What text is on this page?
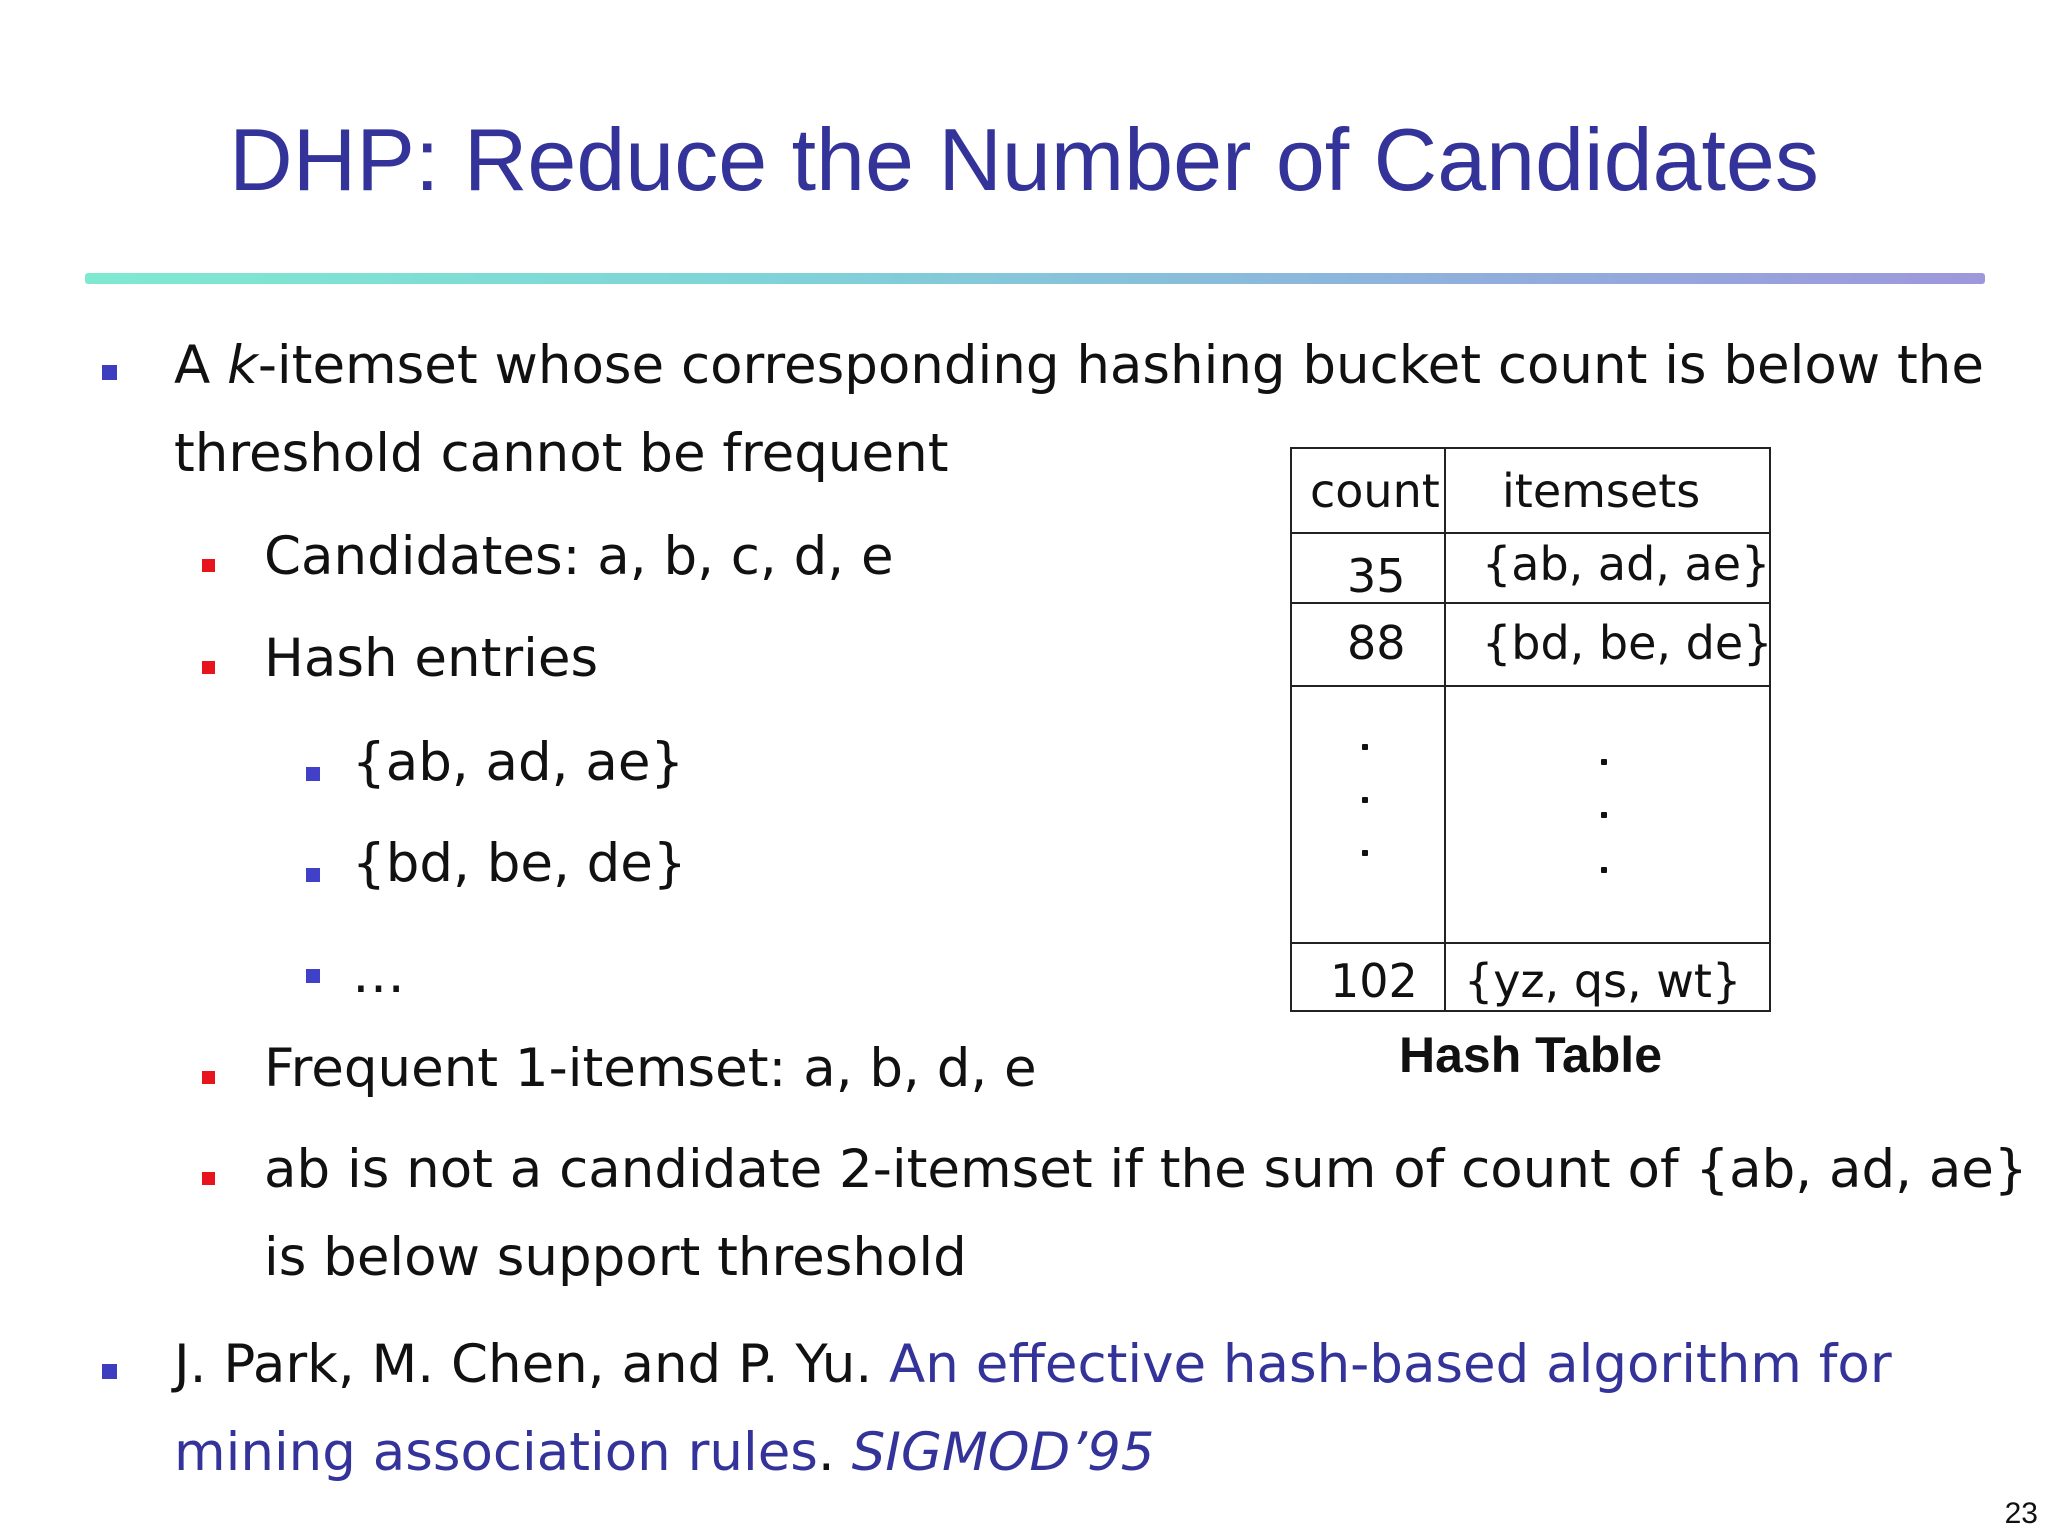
DHP: Reduce the Number of Candidates
A k-itemset whose corresponding hashing bucket count is below the
threshold cannot be frequent
Candidates: a, b, c, d, e
Hash entries
{ab, ad, ae}
{bd, be, de}
…
Frequent 1-itemset: a, b, d, e
ab is not a candidate 2-itemset if the sum of count of {ab, ad, ae}
is below support threshold
J. Park, M. Chen, and P. Yu. An effective hash-based algorithm for
mining association rules. SIGMOD’95
count itemsets
35 {ab, ad, ae}
88 {bd, be, de}
102 {yz, qs, wt}
Hash Table
23
